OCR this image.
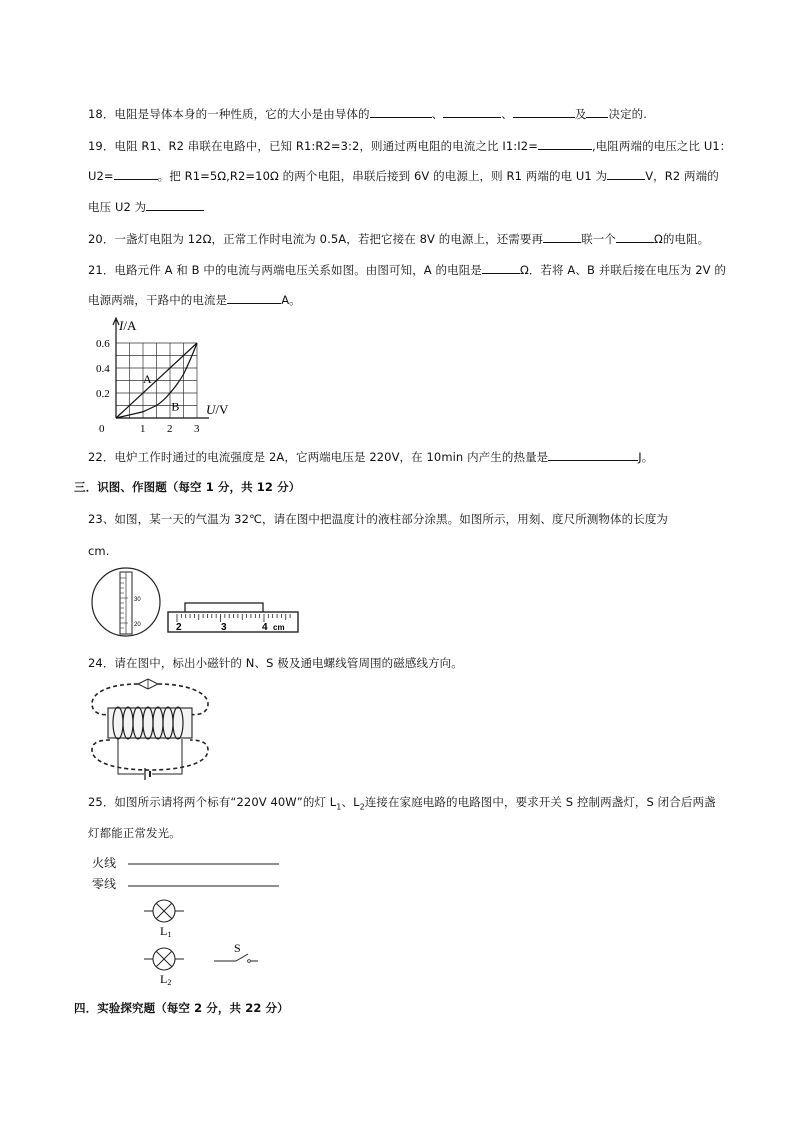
18．电阻是导体本身的一种性质，它的大小是由导体的	、	、	及 决定的.
19．电阻 R1、R2 串联在电路中，已知 R1:R2=3:2，则通过两电阻的电流之比 I1:I2=	,电阻两端的电压之比 U1：
U2=	。把 R1=5Ω,R2=10Ω 的两个电阻，串联后接到 6V 的电源上，则 R1 两端的电 U1 为	V，R2 两端的
电压 U2 为
20．一盏灯电阻为 12Ω，正常工作时电流为 0.5A，若把它接在 8V 的电源上，还需要再	联一个	Ω的电阻。
21．电路元件 A 和 B 中的电流与两端电压关系如图。由图可知，A 的电阻是	Ω．若将 A、B 并联后接在电压为 2V 的
电源两端，干路中的电流是	A。
I/A
U/V
0.2
0.4
0.6
0	1 2 3
A
B
22．电炉工作时通过的电流强度是 2A，它两端电压是 220V，在 10min 内产生的热量是	J。
三．识图、作图题（每空 1 分，共 12 分）
23、如图，某一天的气温为 32℃，请在图中把温度计的液柱部分涂黑。如图所示，用刻、度尺所测物体的长度为
cm.
30
20	2	3	4 cm
24．请在图中，标出小磁针的 N、S 极及通电螺线管周围的磁感线方向。
25．如图所示请将两个标有“220V 40W”的灯 $L_1$、$L_2$连接在家庭电路的电路图中，要求开关 S 控制两盏灯，S 闭合后两盏
灯都能正常发光。
火线
零线
L1
L2
S
四．实验探究题（每空 2 分，共 22 分）
